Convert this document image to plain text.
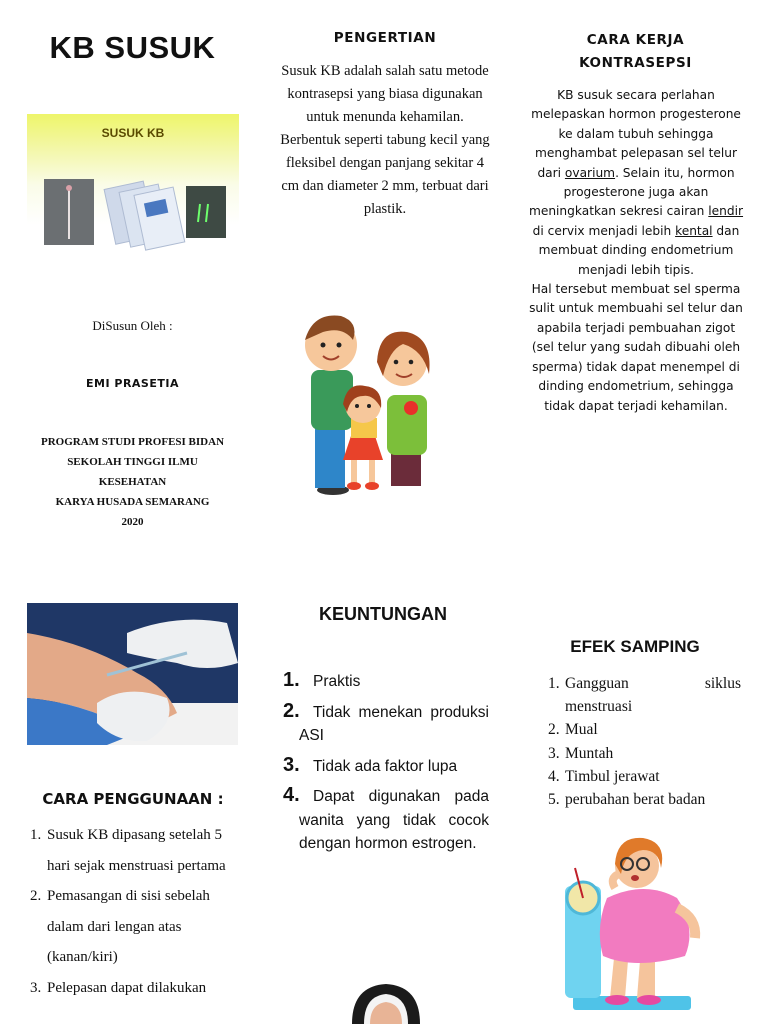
KB SUSUK
SUSUK KB
DiSusun Oleh :
EMI PRASETIA
PROGRAM STUDI PROFESI BIDAN
SEKOLAH TINGGI ILMU
KESEHATAN
KARYA HUSADA SEMARANG
2020
PENGERTIAN
Susuk KB adalah salah satu metode kontrasepsi yang biasa digunakan untuk menunda kehamilan. Berbentuk seperti tabung kecil yang fleksibel dengan panjang sekitar 4 cm dan diameter 2 mm, terbuat dari plastik.
CARA KERJA KONTRASEPSI
KB susuk secara perlahan melepaskan hormon progesterone ke dalam tubuh sehingga menghambat pelepasan sel telur dari ovarium. Selain itu, hormon progesterone juga akan meningkatkan sekresi cairan lendir di cervix menjadi lebih kental dan membuat dinding endometrium menjadi lebih tipis.
Hal tersebut membuat sel sperma sulit untuk membuahi sel telur dan apabila terjadi pembuahan zigot (sel telur yang sudah dibuahi oleh sperma) tidak dapat menempel di dinding endometrium, sehingga tidak dapat terjadi kehamilan.
CARA PENGGUNAAN :
1. Susuk KB dipasang setelah 5 hari sejak menstruasi pertama
2. Pemasangan di sisi sebelah dalam dari lengan atas (kanan/kiri)
3. Pelepasan dapat dilakukan
KEUNTUNGAN
1. Praktis
2. Tidak menekan produksi ASI
3. Tidak ada faktor lupa
4. Dapat digunakan pada wanita yang tidak cocok dengan hormon estrogen.
EFEK SAMPING
1. Gangguan	siklus
menstruasi
2. Mual
3. Muntah
4. Timbul jerawat
5. perubahan berat badan
